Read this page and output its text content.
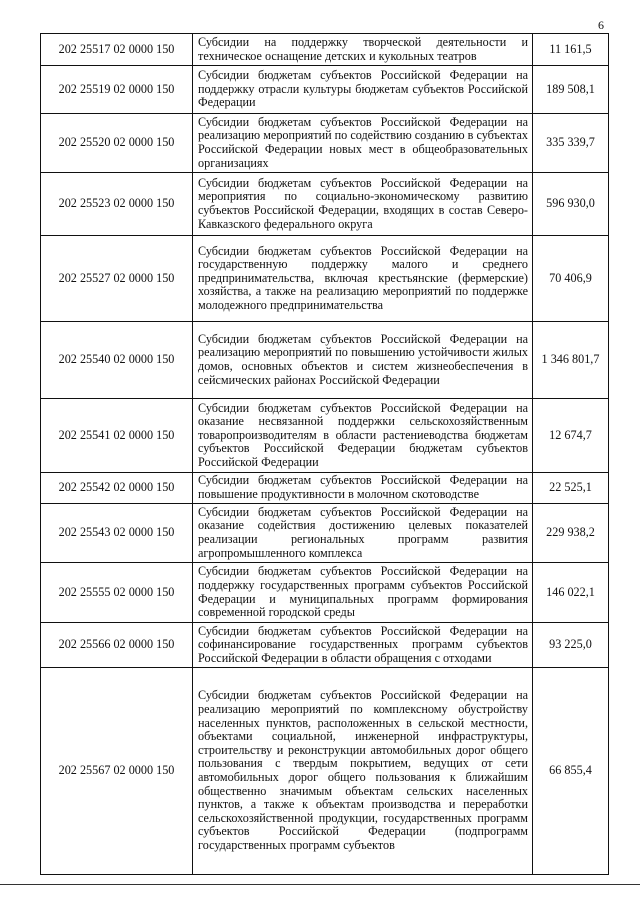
6
202 25517 02 0000 150	Субсидии на поддержку творческой деятельности и техническое оснащение детских и кукольных театров	11 161,5
202 25519 02 0000 150	Субсидии бюджетам субъектов Российской Федерации на поддержку отрасли культуры бюджетам субъектов Российской Федерации	189 508,1
202 25520 02 0000 150	Субсидии бюджетам субъектов Российской Федерации на реализацию мероприятий по содействию созданию в субъектах Российской Федерации новых мест в общеобразовательных организациях	335 339,7
202 25523 02 0000 150	Субсидии бюджетам субъектов Российской Федерации на мероприятия по социально-экономическому развитию субъектов Российской Федерации, входящих в состав Северо-Кавказского федерального округа	596 930,0
202 25527 02 0000 150	Субсидии бюджетам субъектов Российской Федерации на государственную поддержку малого и среднего предпринимательства, включая крестьянские (фермерские) хозяйства, а также на реализацию мероприятий по поддержке молодежного предпринимательства	70 406,9
202 25540 02 0000 150	Субсидии бюджетам субъектов Российской Федерации на реализацию мероприятий по повышению устойчивости жилых домов, основных объектов и систем жизнеобеспечения в сейсмических районах Российской Федерации	1 346 801,7
202 25541 02 0000 150	Субсидии бюджетам субъектов Российской Федерации на оказание несвязанной поддержки сельскохозяйственным товаропроизводителям в области растениеводства бюджетам субъектов Российской Федерации бюджетам субъектов Российской Федерации	12 674,7
202 25542 02 0000 150	Субсидии бюджетам субъектов Российской Федерации на повышение продуктивности в молочном скотоводстве	22 525,1
202 25543 02 0000 150	Субсидии бюджетам субъектов Российской Федерации на оказание содействия достижению целевых показателей реализации региональных программ развития агропромышленного комплекса	229 938,2
202 25555 02 0000 150	Субсидии бюджетам субъектов Российской Федерации на поддержку государственных программ субъектов Российской Федерации и муниципальных программ формирования современной городской среды	146 022,1
202 25566 02 0000 150	Субсидии бюджетам субъектов Российской Федерации на софинансирование государственных программ субъектов Российской Федерации в области обращения с отходами	93 225,0
202 25567 02 0000 150	Субсидии бюджетам субъектов Российской Федерации на реализацию мероприятий по комплексному обустройству населенных пунктов, расположенных в сельской местности, объектами социальной, инженерной инфраструктуры, строительству и реконструкции автомобильных дорог общего пользования с твердым покрытием, ведущих от сети автомобильных дорог общего пользования к ближайшим общественно значимым объектам сельских населенных пунктов, а также к объектам производства и переработки сельскохозяйственной продукции, государственных программ субъектов Российской Федерации (подпрограмм государственных программ субъектов	66 855,4
